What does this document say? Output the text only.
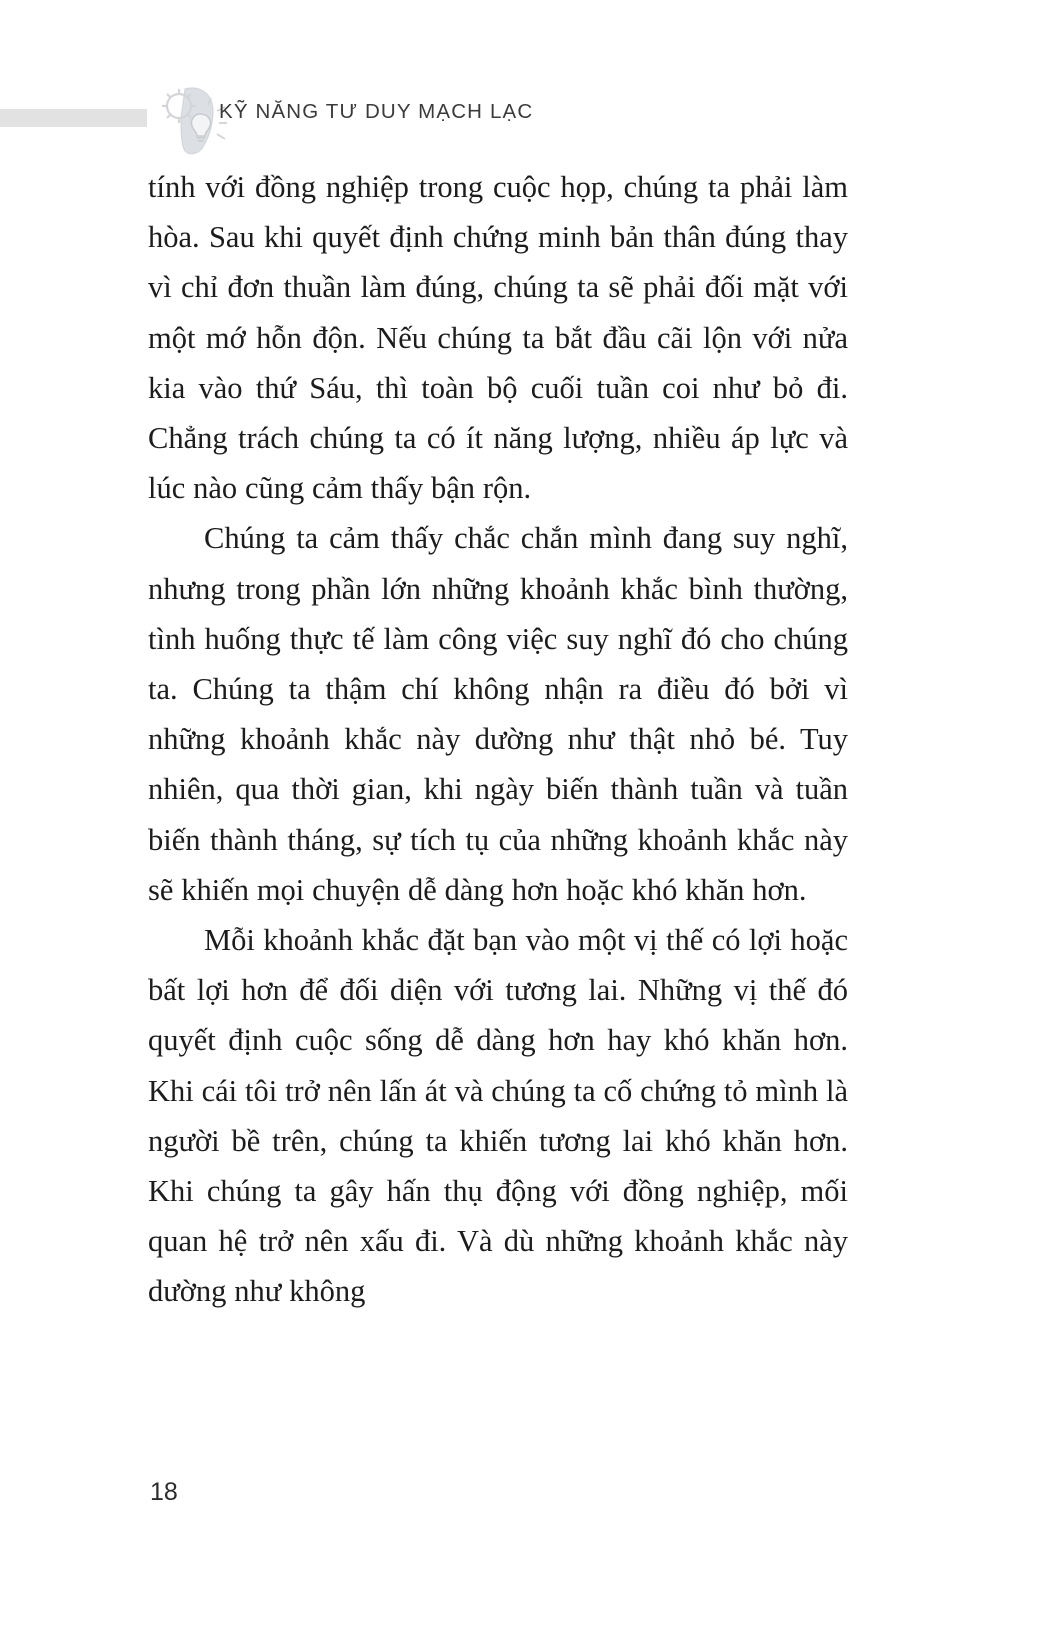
KỸ NĂNG TƯ DUY MẠCH LẠC

tính với đồng nghiệp trong cuộc họp, chúng ta phải làm hòa. Sau khi quyết định chứng minh bản thân đúng thay vì chỉ đơn thuần làm đúng, chúng ta sẽ phải đối mặt với một mớ hỗn độn. Nếu chúng ta bắt đầu cãi lộn với nửa kia vào thứ Sáu, thì toàn bộ cuối tuần coi như bỏ đi. Chẳng trách chúng ta có ít năng lượng, nhiều áp lực và lúc nào cũng cảm thấy bận rộn.

Chúng ta cảm thấy chắc chắn mình đang suy nghĩ, nhưng trong phần lớn những khoảnh khắc bình thường, tình huống thực tế làm công việc suy nghĩ đó cho chúng ta. Chúng ta thậm chí không nhận ra điều đó bởi vì những khoảnh khắc này dường như thật nhỏ bé. Tuy nhiên, qua thời gian, khi ngày biến thành tuần và tuần biến thành tháng, sự tích tụ của những khoảnh khắc này sẽ khiến mọi chuyện dễ dàng hơn hoặc khó khăn hơn.

Mỗi khoảnh khắc đặt bạn vào một vị thế có lợi hoặc bất lợi hơn để đối diện với tương lai. Những vị thế đó quyết định cuộc sống dễ dàng hơn hay khó khăn hơn. Khi cái tôi trở nên lấn át và chúng ta cố chứng tỏ mình là người bề trên, chúng ta khiến tương lai khó khăn hơn. Khi chúng ta gây hấn thụ động với đồng nghiệp, mối quan hệ trở nên xấu đi. Và dù những khoảnh khắc này dường như không

18
